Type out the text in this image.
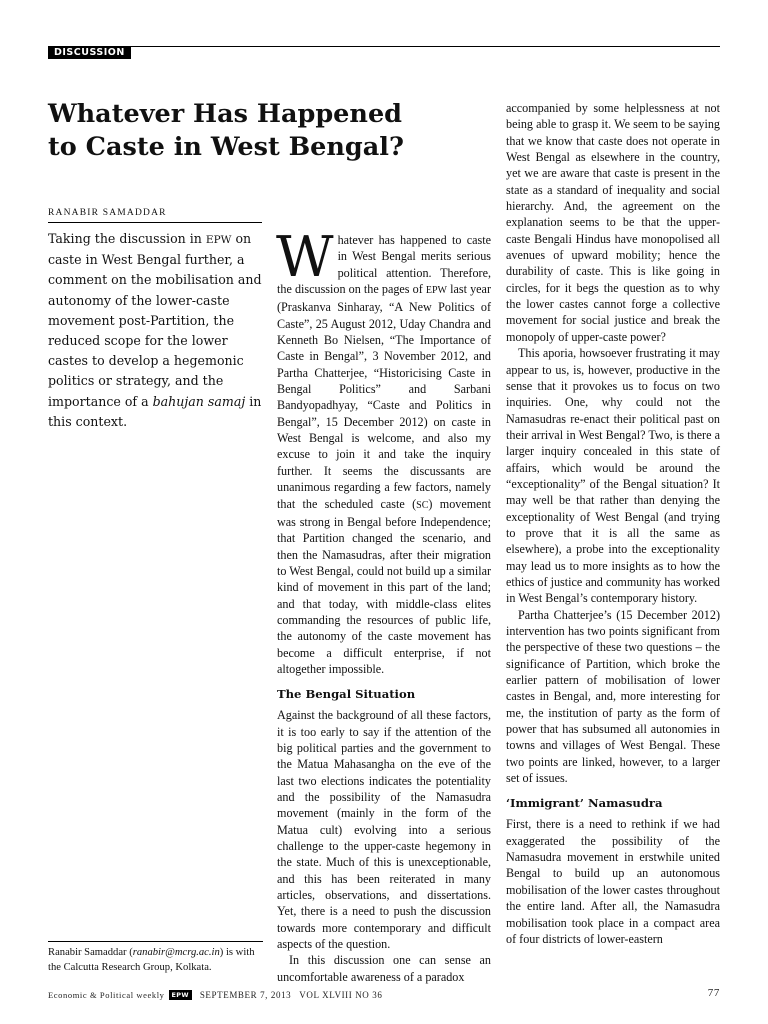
DISCUSSION
Whatever Has Happened
to Caste in West Bengal?
RANABIR SAMADDAR
Taking the discussion in EPW on caste in West Bengal further, a comment on the mobilisation and autonomy of the lower-caste movement post-Partition, the reduced scope for the lower castes to develop a hegemonic politics or strategy, and the importance of a bahujan samaj in this context.
Ranabir Samaddar (ranabir@mcrg.ac.in) is with the Calcutta Research Group, Kolkata.

Whatever has happened to caste in West Bengal merits serious political attention. Therefore, the discussion on the pages of EPW last year (Praskanva Sinharay, “A New Politics of Caste”, 25 August 2012, Uday Chandra and Kenneth Bo Nielsen, “The Importance of Caste in Bengal”, 3 November 2012, and Partha Chatterjee, “Historicising Caste in Bengal Politics” and Sarbani Bandyopadhyay, “Caste and Politics in Bengal”, 15 December 2012) on caste in West Bengal is welcome, and also my excuse to join it and take the inquiry further. It seems the discussants are unanimous regarding a few factors, namely that the scheduled caste (SC) movement was strong in Bengal before Independence; that Partition changed the scenario, and then the Namasudras, after their migration to West Bengal, could not build up a similar kind of movement in this part of the land; and that today, with middle-class elites commanding the resources of public life, the autonomy of the caste movement has become a difficult enterprise, if not altogether impossible.

The Bengal Situation

Against the background of all these factors, it is too early to say if the attention of the big political parties and the government to the Matua Mahasangha on the eve of the last two elections indicates the potentiality and the possibility of the Namasudra movement (mainly in the form of the Matua cult) evolving into a serious challenge to the upper-caste hegemony in the state. Much of this is unexceptionable, and this has been reiterated in many articles, observations, and dissertations. Yet, there is a need to push the discussion towards more contemporary and difficult aspects of the question.

In this discussion one can sense an uncomfortable awareness of a paradox

accompanied by some helplessness at not being able to grasp it. We seem to be saying that we know that caste does not operate in West Bengal as elsewhere in the country, yet we are aware that caste is present in the state as a standard of inequality and social hierarchy. And, the agreement on the explanation seems to be that the upper-caste Bengali Hindus have monopolised all avenues of upward mobility; hence the durability of caste. This is like going in circles, for it begs the question as to why the lower castes cannot forge a collective movement for social justice and break the monopoly of upper-caste power?

This aporia, howsoever frustrating it may appear to us, is, however, productive in the sense that it provokes us to focus on two inquiries. One, why could not the Namasudras re-enact their political past on their arrival in West Bengal? Two, is there a larger inquiry concealed in this state of affairs, which would be around the “exceptionality” of the Bengal situation? It may well be that rather than denying the exceptionality of West Bengal (and trying to prove that it is all the same as elsewhere), a probe into the exceptionality may lead us to more insights as to how the ethics of justice and community has worked in West Bengal’s contemporary history.

Partha Chatterjee’s (15 December 2012) intervention has two points significant from the perspective of these two questions – the significance of Partition, which broke the earlier pattern of mobilisation of lower castes in Bengal, and, more interesting for me, the institution of party as the form of power that has subsumed all autonomies in towns and villages of West Bengal. These two points are linked, however, to a larger set of issues.

‘Immigrant’ Namasudra

First, there is a need to rethink if we had exaggerated the possibility of the Namasudra movement in erstwhile united Bengal to build up an autonomous mobilisation of the lower castes throughout the entire land. After all, the Namasudra mobilisation took place in a compact area of four districts of lower-eastern

Economic & Political weekly EPW SEPTEMBER 7, 2013 VOL XLVIII NO 36	77
